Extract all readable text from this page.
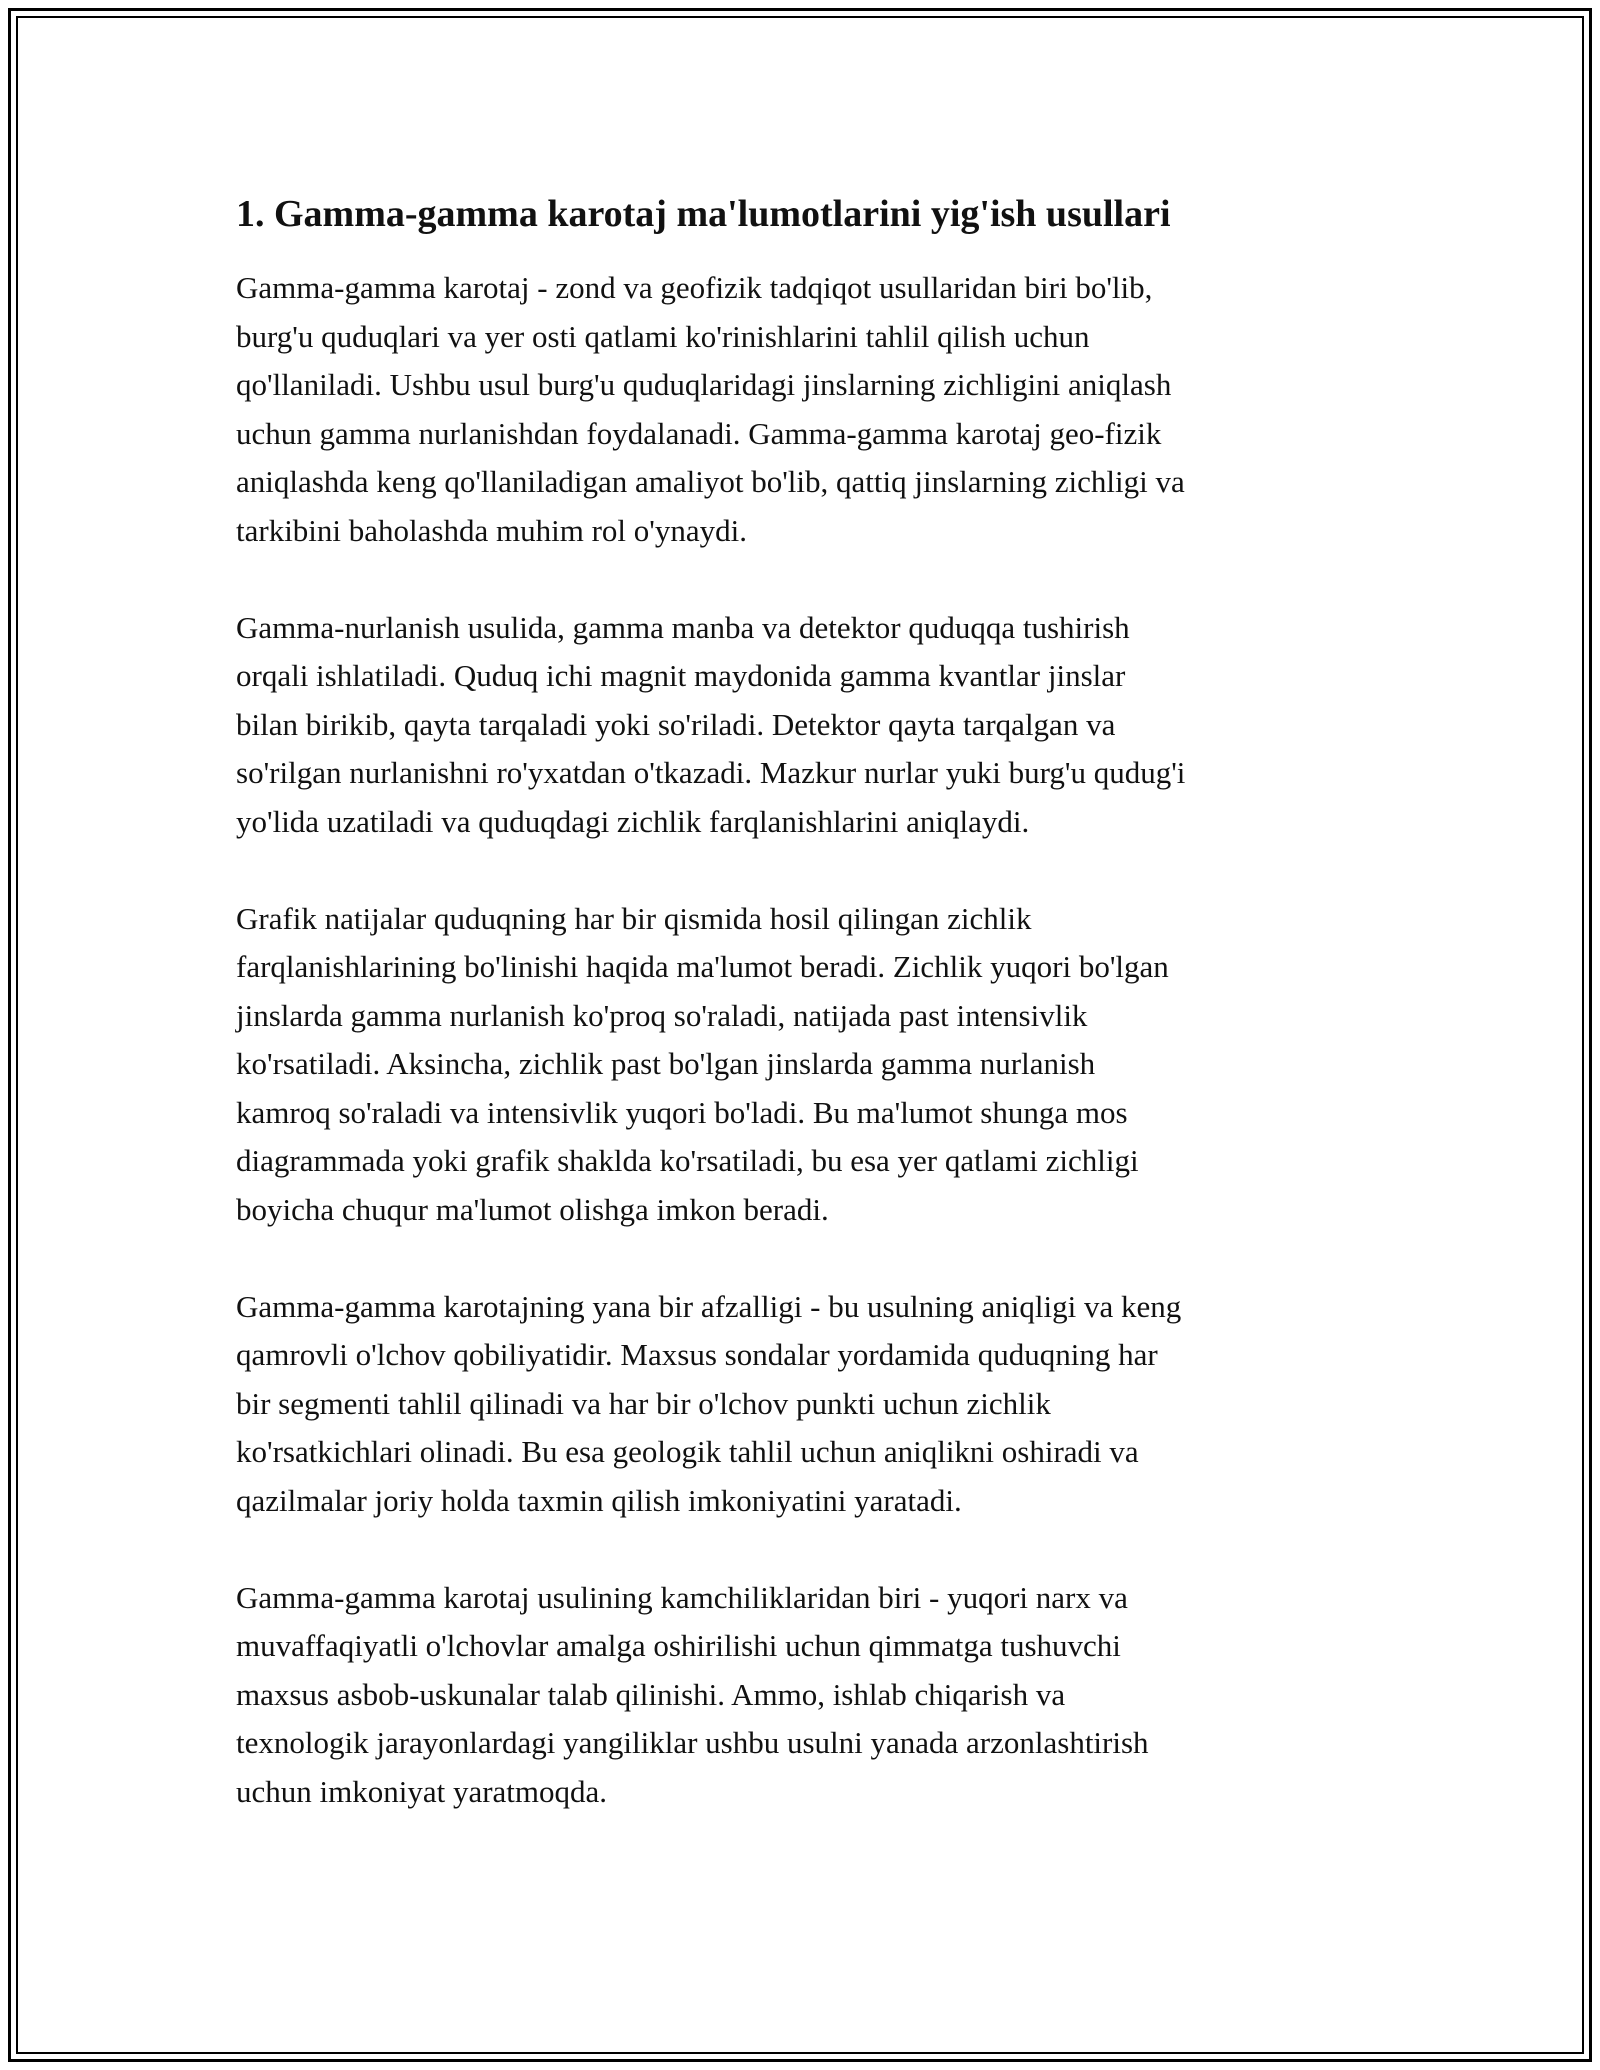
1. Gamma-gamma karotaj ma'lumotlarini yig'ish usullari

Gamma-gamma karotaj - zond va geofizik tadqiqot usullaridan biri bo'lib,
burg'u quduqlari va yer osti qatlami ko'rinishlarini tahlil qilish uchun
qo'llaniladi. Ushbu usul burg'u quduqlaridagi jinslarning zichligini aniqlash
uchun gamma nurlanishdan foydalanadi. Gamma-gamma karotaj geo-fizik
aniqlashda keng qo'llaniladigan amaliyot bo'lib, qattiq jinslarning zichligi va
tarkibini baholashda muhim rol o'ynaydi.

Gamma-nurlanish usulida, gamma manba va detektor quduqqa tushirish
orqali ishlatiladi. Quduq ichi magnit maydonida gamma kvantlar jinslar
bilan birikib, qayta tarqaladi yoki so'riladi. Detektor qayta tarqalgan va
so'rilgan nurlanishni ro'yxatdan o'tkazadi. Mazkur nurlar yuki burg'u qudug'i
yo'lida uzatiladi va quduqdagi zichlik farqlanishlarini aniqlaydi.

Grafik natijalar quduqning har bir qismida hosil qilingan zichlik
farqlanishlarining bo'linishi haqida ma'lumot beradi. Zichlik yuqori bo'lgan
jinslarda gamma nurlanish ko'proq so'raladi, natijada past intensivlik
ko'rsatiladi. Aksincha, zichlik past bo'lgan jinslarda gamma nurlanish
kamroq so'raladi va intensivlik yuqori bo'ladi. Bu ma'lumot shunga mos
diagrammada yoki grafik shaklda ko'rsatiladi, bu esa yer qatlami zichligi
boyicha chuqur ma'lumot olishga imkon beradi.

Gamma-gamma karotajning yana bir afzalligi - bu usulning aniqligi va keng
qamrovli o'lchov qobiliyatidir. Maxsus sondalar yordamida quduqning har
bir segmenti tahlil qilinadi va har bir o'lchov punkti uchun zichlik
ko'rsatkichlari olinadi. Bu esa geologik tahlil uchun aniqlikni oshiradi va
qazilmalar joriy holda taxmin qilish imkoniyatini yaratadi.

Gamma-gamma karotaj usulining kamchiliklaridan biri - yuqori narx va
muvaffaqiyatli o'lchovlar amalga oshirilishi uchun qimmatga tushuvchi
maxsus asbob-uskunalar talab qilinishi. Ammo, ishlab chiqarish va
texnologik jarayonlardagi yangiliklar ushbu usulni yanada arzonlashtirish
uchun imkoniyat yaratmoqda.
